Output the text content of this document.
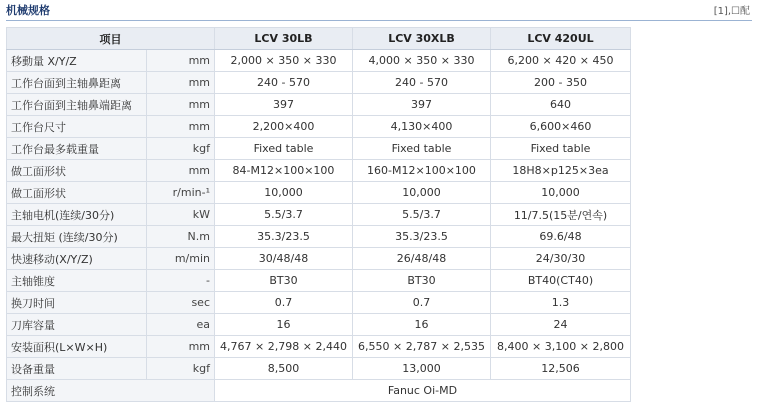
机械规格	[1],☐配
项目		LCV 30LB	LCV 30XLB	LCV 420UL
移動量 X/Y/Z	mm	2,000 × 350 × 330	4,000 × 350 × 330	6,200 × 420 × 450
工作台面到主轴鼻距离	mm	240 - 570	240 - 570	200 - 350
工作台面到主轴鼻端距离	mm	397	397	640
工作台尺寸	mm	2,200×400	4,130×400	6,600×460
工作台最多载重量	kgf	Fixed table	Fixed table	Fixed table
做工面形状	mm	84-M12×100×100	160-M12×100×100	18H8×p125×3ea
做工面形状	r/min-¹	10,000	10,000	10,000
主轴电机(连续/30分)	kW	5.5/3.7	5.5/3.7	11/7.5(15분/연속)
最大扭矩 (连续/30分)	N.m	35.3/23.5	35.3/23.5	69.6/48
快速移动(X/Y/Z)	m/min	30/48/48	26/48/48	24/30/30
主轴锥度	-	BT30	BT30	BT40(CT40)
换刀时间	sec	0.7	0.7	1.3
刀库容量	ea	16	16	24
安装面积(L×W×H)	mm	4,767 × 2,798 × 2,440	6,550 × 2,787 × 2,535	8,400 × 3,100 × 2,800
设备重量	kgf	8,500	13,000	12,506
控制系统		Fanuc Oi-MD		
